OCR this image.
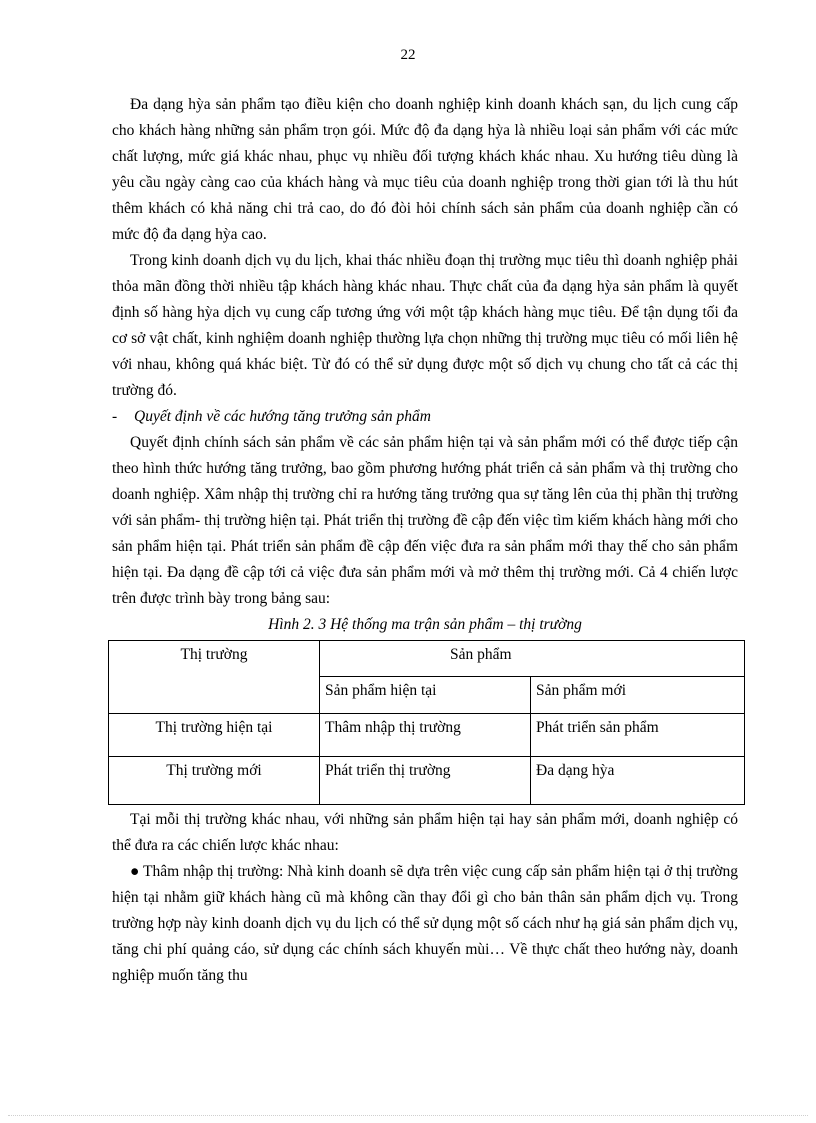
22

Đa dạng hỳa sản phẩm tạo điều kiện cho doanh nghiệp kinh doanh khách sạn, du lịch cung cấp cho khách hàng những sản phẩm trọn gói. Mức độ đa dạng hỳa là nhiều loại sản phẩm với các mức chất lượng, mức giá khác nhau, phục vụ nhiều đối tượng khách khác nhau. Xu hướng tiêu dùng là yêu cầu ngày càng cao của khách hàng và mục tiêu của doanh nghiệp trong thời gian tới là thu hút thêm khách có khả năng chi trả cao, do đó đòi hỏi chính sách sản phẩm của doanh nghiệp cần có mức độ đa dạng hỳa cao.

Trong kinh doanh dịch vụ du lịch, khai thác nhiều đoạn thị trường mục tiêu thì doanh nghiệp phải thỏa mãn đồng thời nhiều tập khách hàng khác nhau. Thực chất của đa dạng hỳa sản phẩm là quyết định số hàng hỳa dịch vụ cung cấp tương ứng với một tập khách hàng mục tiêu. Để tận dụng tối đa cơ sở vật chất, kinh nghiệm doanh nghiệp thường lựa chọn những thị trường mục tiêu có mối liên hệ với nhau, không quá khác biệt. Từ đó có thể sử dụng được một số dịch vụ chung cho tất cả các thị trường đó.

- Quyết định về các hướng tăng trưởng sản phẩm

Quyết định chính sách sản phẩm về các sản phẩm hiện tại và sản phẩm mới có thể được tiếp cận theo hình thức hướng tăng trưởng, bao gồm phương hướng phát triển cả sản phẩm và thị trường cho doanh nghiệp. Xâm nhập thị trường chỉ ra hướng tăng trưởng qua sự tăng lên của thị phần thị trường với sản phẩm- thị trường hiện tại. Phát triển thị trường đề cập đến việc tìm kiếm khách hàng mới cho sản phẩm hiện tại. Phát triển sản phẩm đề cập đến việc đưa ra sản phẩm mới thay thế cho sản phẩm hiện tại. Đa dạng đề cập tới cả việc đưa sản phẩm mới và mở thêm thị trường mới. Cả 4 chiến lược trên được trình bày trong bảng sau:

Hình 2. 3 Hệ thống ma trận sản phẩm – thị trường
Thị trường	Sản phẩm	
	Sản phẩm hiện tại	Sản phẩm mới
Thị trường hiện tại	Thâm nhập thị trường	Phát triển sản phẩm
Thị trường mới	Phát triển thị trường	Đa dạng hỳa

Tại mỗi thị trường khác nhau, với những sản phẩm hiện tại hay sản phẩm mới, doanh nghiệp có thể đưa ra các chiến lược khác nhau:

● Thâm nhập thị trường: Nhà kinh doanh sẽ dựa trên việc cung cấp sản phẩm hiện tại ở thị trường hiện tại nhằm giữ khách hàng cũ mà không cần thay đổi gì cho bản thân sản phẩm dịch vụ. Trong trường hợp này kinh doanh dịch vụ du lịch có thể sử dụng một số cách như hạ giá sản phẩm dịch vụ, tăng chi phí quảng cáo, sử dụng các chính sách khuyến mùi… Về thực chất theo hướng này, doanh nghiệp muốn tăng thu
